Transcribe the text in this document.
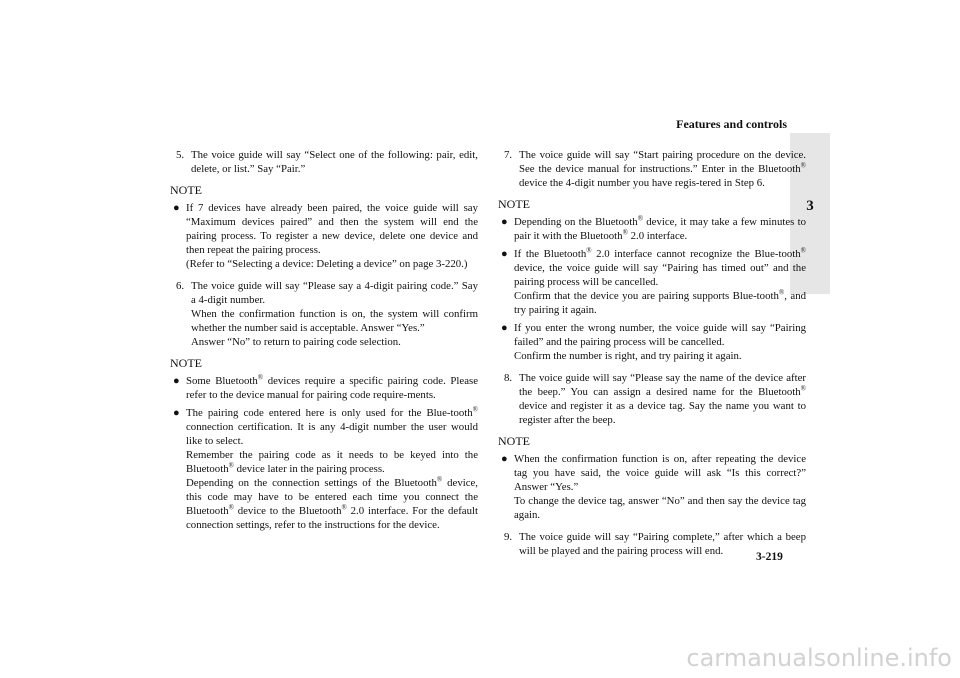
Features and controls
3
5. The voice guide will say “Select one of the following: pair, edit, delete, or list.” Say “Pair.”
NOTE
● If 7 devices have already been paired, the voice guide will say “Maximum devices paired” and then the system will end the pairing process. To register a new device, delete one device and then repeat the pairing process.
(Refer to “Selecting a device: Deleting a device” on page 3-220.)
6. The voice guide will say “Please say a 4-digit pairing code.” Say a 4-digit number.
When the confirmation function is on, the system will confirm whether the number said is acceptable. Answer “Yes.”
Answer “No” to return to pairing code selection.
NOTE
● Some Bluetooth® devices require a specific pairing code. Please refer to the device manual for pairing code require-ments.
● The pairing code entered here is only used for the Blue-tooth® connection certification. It is any 4-digit number the user would like to select.
Remember the pairing code as it needs to be keyed into the Bluetooth® device later in the pairing process.
Depending on the connection settings of the Bluetooth® device, this code may have to be entered each time you connect the Bluetooth® device to the Bluetooth® 2.0 interface. For the default connection settings, refer to the instructions for the device.
7. The voice guide will say “Start pairing procedure on the device. See the device manual for instructions.” Enter in the Bluetooth® device the 4-digit number you have regis-tered in Step 6.
NOTE
● Depending on the Bluetooth® device, it may take a few minutes to pair it with the Bluetooth® 2.0 interface.
● If the Bluetooth® 2.0 interface cannot recognize the Blue-tooth® device, the voice guide will say “Pairing has timed out” and the pairing process will be cancelled.
Confirm that the device you are pairing supports Blue-tooth®, and try pairing it again.
● If you enter the wrong number, the voice guide will say “Pairing failed” and the pairing process will be cancelled.
Confirm the number is right, and try pairing it again.
8. The voice guide will say “Please say the name of the device after the beep.” You can assign a desired name for the Bluetooth® device and register it as a device tag. Say the name you want to register after the beep.
NOTE
● When the confirmation function is on, after repeating the device tag you have said, the voice guide will ask “Is this correct?” Answer “Yes.”
To change the device tag, answer “No” and then say the device tag again.
9. The voice guide will say “Pairing complete,” after which a beep will be played and the pairing process will end.	3-219
carmanualsonline.info
